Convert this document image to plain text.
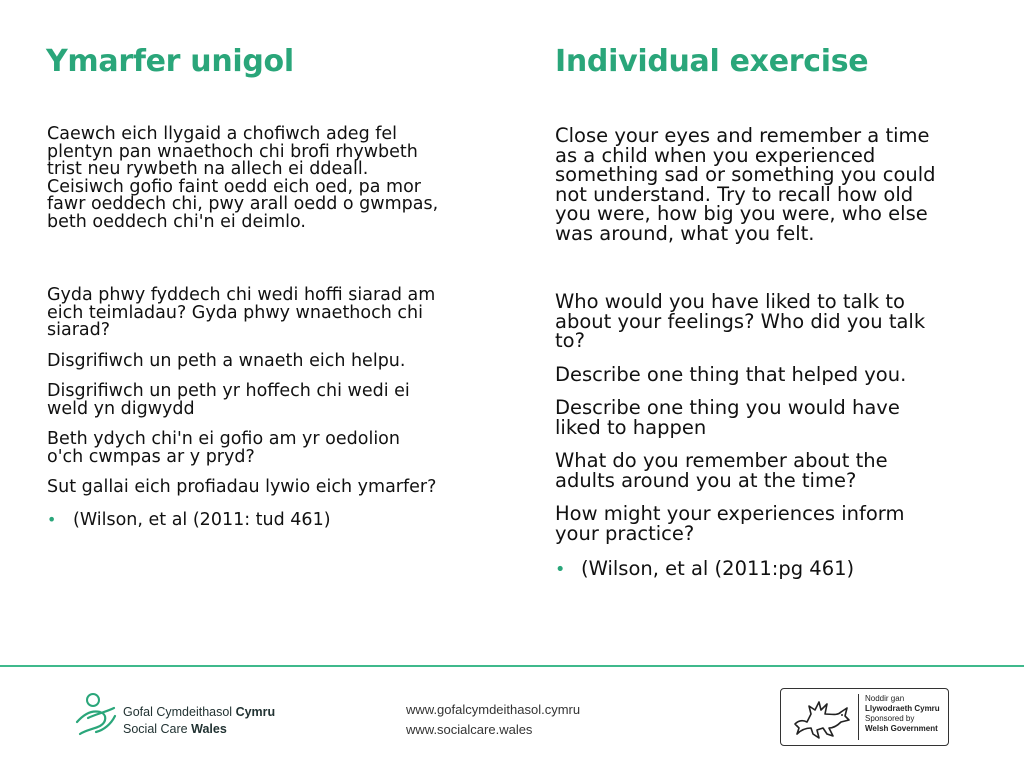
Ymarfer unigol	Individual exercise

Caewch eich llygaid a chofiwch adeg fel plentyn pan wnaethoch chi brofi rhywbeth trist neu rywbeth na allech ei ddeall. Ceisiwch gofio faint oedd eich oed, pa mor fawr oeddech chi, pwy arall oedd o gwmpas, beth oeddech chi'n ei deimlo.

Gyda phwy fyddech chi wedi hoffi siarad am eich teimladau? Gyda phwy wnaethoch chi siarad?

Disgrifiwch un peth a wnaeth eich helpu.

Disgrifiwch un peth yr hoffech chi wedi ei weld yn digwydd

Beth ydych chi'n ei gofio am yr oedolion o'ch cwmpas ar y pryd?

Sut gallai eich profiadau lywio eich ymarfer?

• (Wilson, et al (2011: tud 461)

Close your eyes and remember a time as a child when you experienced something sad or something you could not understand. Try to recall how old you were, how big you were, who else was around, what you felt.

Who would you have liked to talk to about your feelings? Who did you talk to?

Describe one thing that helped you.

Describe one thing you would have liked to happen

What do you remember about the adults around you at the time?

How might your experiences inform your practice?

• (Wilson, et al (2011:pg 461)
Gofal Cymdeithasol Cymru
Social Care Wales
www.gofalcymdeithasol.cymru
www.socialcare.wales
Noddir gan
Llywodraeth Cymru
Sponsored by
Welsh Government
